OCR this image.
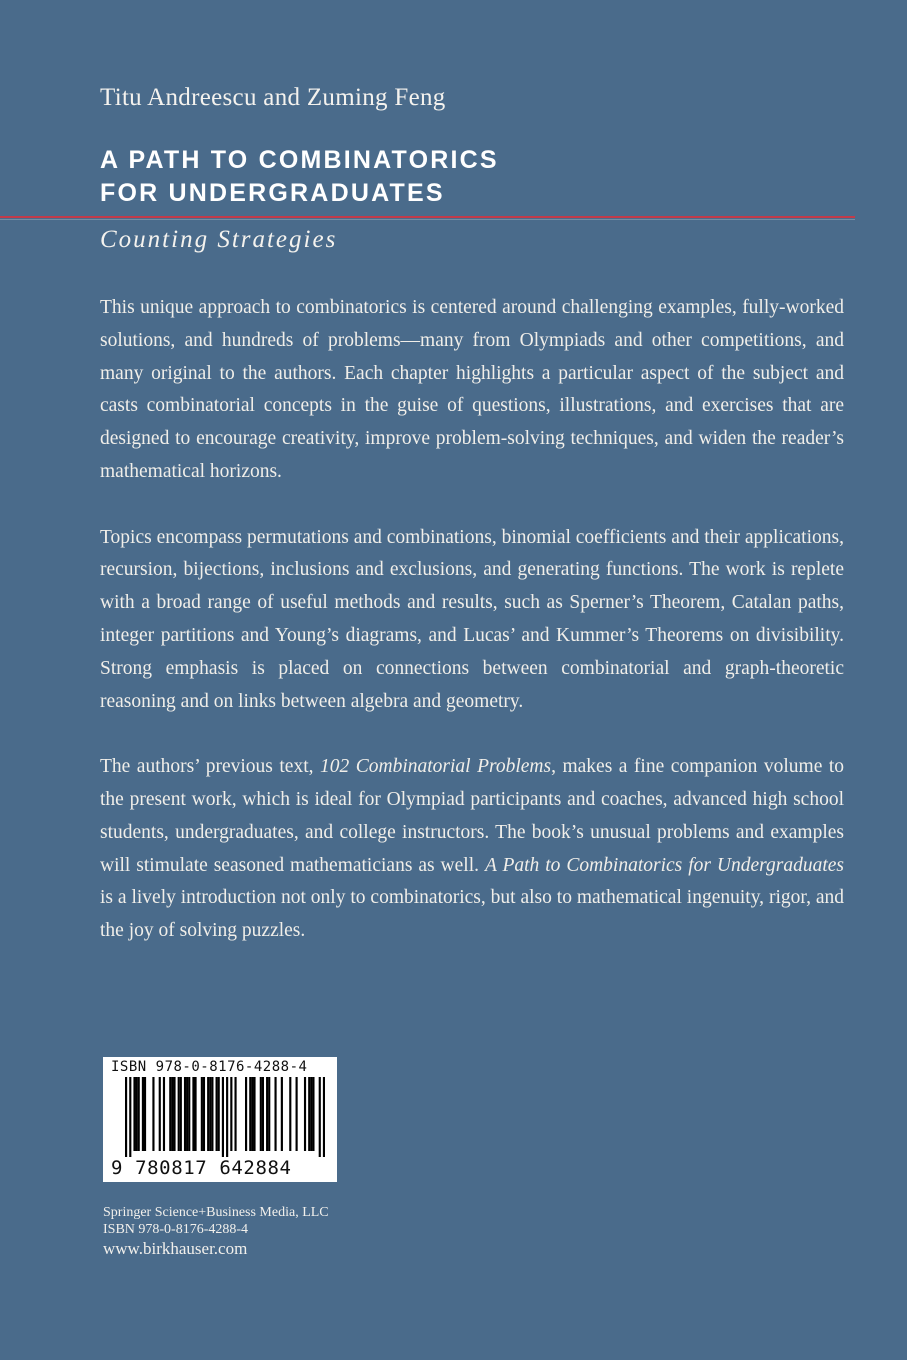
Titu Andreescu and Zuming Feng
A PATH TO COMBINATORICS
FOR UNDERGRADUATES
Counting Strategies

This unique approach to combinatorics is centered around challenging examples, fully-worked solutions, and hundreds of problems—many from Olympiads and other competitions, and many original to the authors. Each chapter highlights a particular aspect of the subject and casts combinatorial concepts in the guise of questions, illustrations, and exercises that are designed to encourage creativity, improve problem-solving techniques, and widen the reader’s mathematical horizons.

Topics encompass permutations and combinations, binomial coefficients and their applications, recursion, bijections, inclusions and exclusions, and generating functions. The work is replete with a broad range of useful methods and results, such as Sperner’s Theorem, Catalan paths, integer partitions and Young’s diagrams, and Lucas’ and Kummer’s Theorems on divisibility. Strong emphasis is placed on connections between combinatorial and graph-theoretic reasoning and on links between algebra and geometry.

The authors’ previous text, 102 Combinatorial Problems, makes a fine companion volume to the present work, which is ideal for Olympiad participants and coaches, advanced high school students, undergraduates, and college instructors. The book’s unusual problems and examples will stimulate seasoned mathematicians as well. A Path to Combinatorics for Undergraduates is a lively introduction not only to combinatorics, but also to mathematical ingenuity, rigor, and the joy of solving puzzles.

ISBN 978-0-8176-4288-4
9 780817 642884
Springer Science+Business Media, LLC
ISBN 978-0-8176-4288-4
www.birkhauser.com
